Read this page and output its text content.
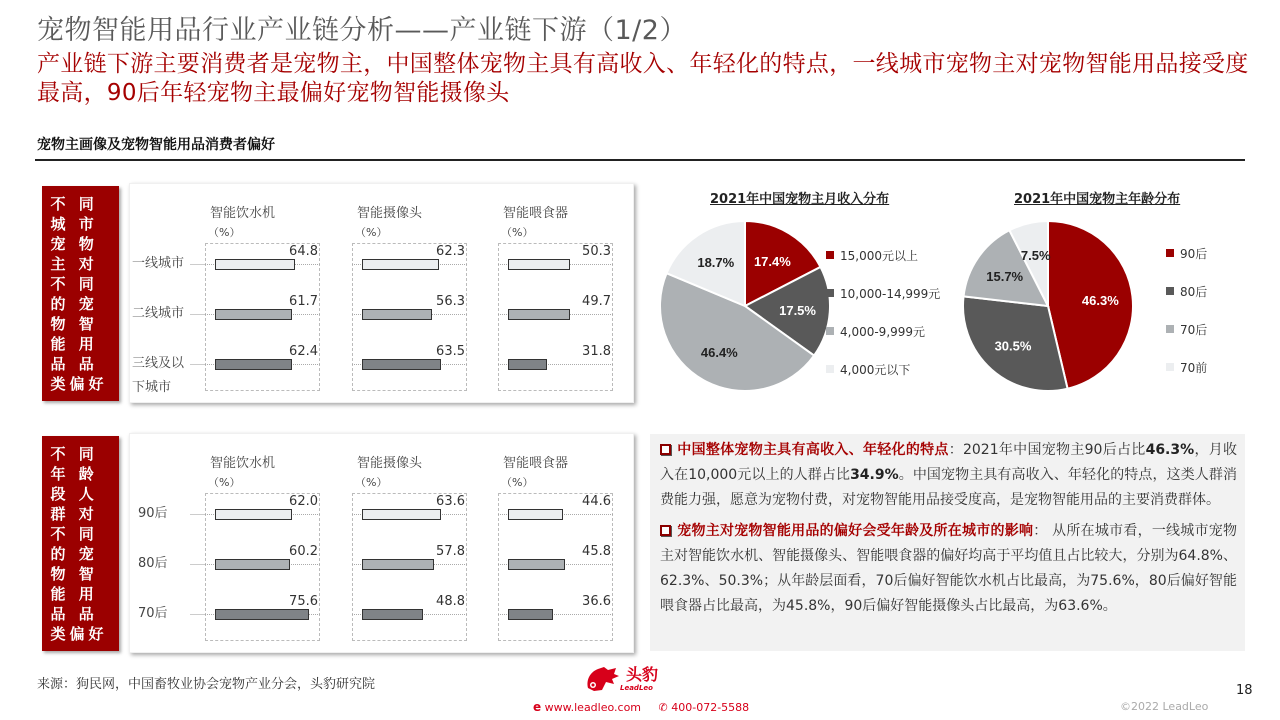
宠物智能用品行业产业链分析——产业链下游（1/2）
产业链下游主要消费者是宠物主，中国整体宠物主具有高收入、年轻化的特点，一线城市宠物主对宠物智能用品接受度最高，90后年轻宠物主最偏好宠物智能摄像头
宠物主画像及宠物智能用品消费者偏好
不 同 城 市 宠 物 主 对 不 同 的 宠 物 智 能 用 品 品 类偏好
智能饮水机
（%）
智能摄像头
（%）
智能喂食器
（%）
一线城市
64.8	62.3	50.3
二线城市
61.7	56.3	49.7
三线及以
下城市
62.4	63.5	31.8
不 同 年 龄 段 人 群 对 不 同 的 宠 物 智 能 用 品 品 类偏好
智能饮水机
（%）
智能摄像头
（%）
智能喂食器
（%）
90后
62.0	63.6	44.6
80后
60.2	57.8	45.8
70后
75.6	48.8	36.6
2021年中国宠物主月收入分布
17.4%
17.5%
46.4%
18.7%	15,000元以上
10,000-14,999元
4,000-9,999元
4,000元以下
2021年中国宠物主年龄分布
46.3%
30.5%
15.7%
7.5%	90后
80后
70后
70前
中国整体宠物主具有高收入、年轻化的特点：2021年中国宠物主90后占比46.3%，月收入在10,000元以上的人群占比34.9%。中国宠物主具有高收入、年轻化的特点，这类人群消费能力强，愿意为宠物付费，对宠物智能用品接受度高，是宠物智能用品的主要消费群体。
宠物主对宠物智能用品的偏好会受年龄及所在城市的影响： 从所在城市看，一线城市宠物主对智能饮水机、智能摄像头、智能喂食器的偏好均高于平均值且占比较大，分别为64.8%、62.3%、50.3%；从年龄层面看，70后偏好智能饮水机占比最高，为75.6%，80后偏好智能喂食器占比最高，为45.8%，90后偏好智能摄像头占比最高，为63.6%。
来源：狗民网，中国畜牧业协会宠物产业分会，头豹研究院
头豹
LeadLeo
e www.leadleo.com ✆ 400-072-5588
18
©2022 LeadLeo
